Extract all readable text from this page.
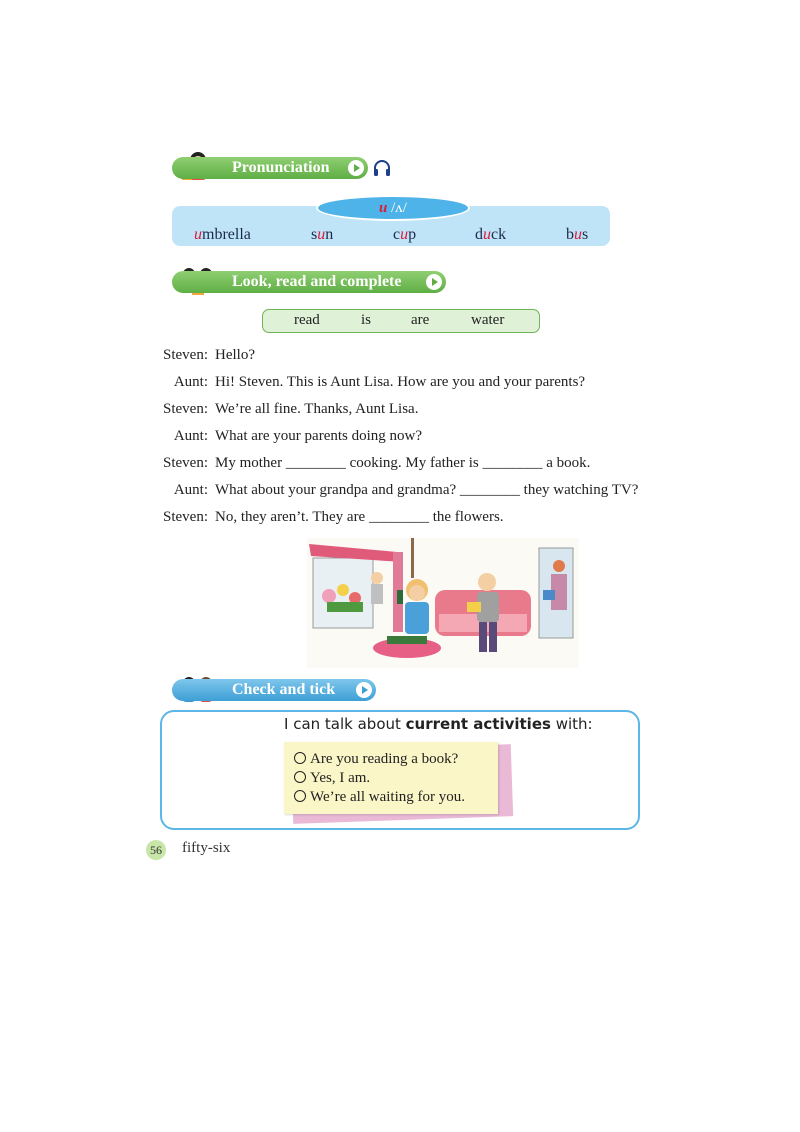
Pronunciation
u /ʌ/
umbrella	sun	cup	duck	bus
Look, read and complete
read	is	are	water
Steven: Hello?
Aunt: Hi! Steven. This is Aunt Lisa. How are you and your parents?
Steven: We’re all fine. Thanks, Aunt Lisa.
Aunt: What are your parents doing now?
Steven: My mother ________ cooking. My father is ________ a book.
Aunt: What about your grandpa and grandma? ________ they watching TV?
Steven: No, they aren’t. They are ________ the flowers.
Check and tick
I can talk about current activities with:
Are you reading a book?
Yes, I am.
We’re all waiting for you.
56 fifty-six
